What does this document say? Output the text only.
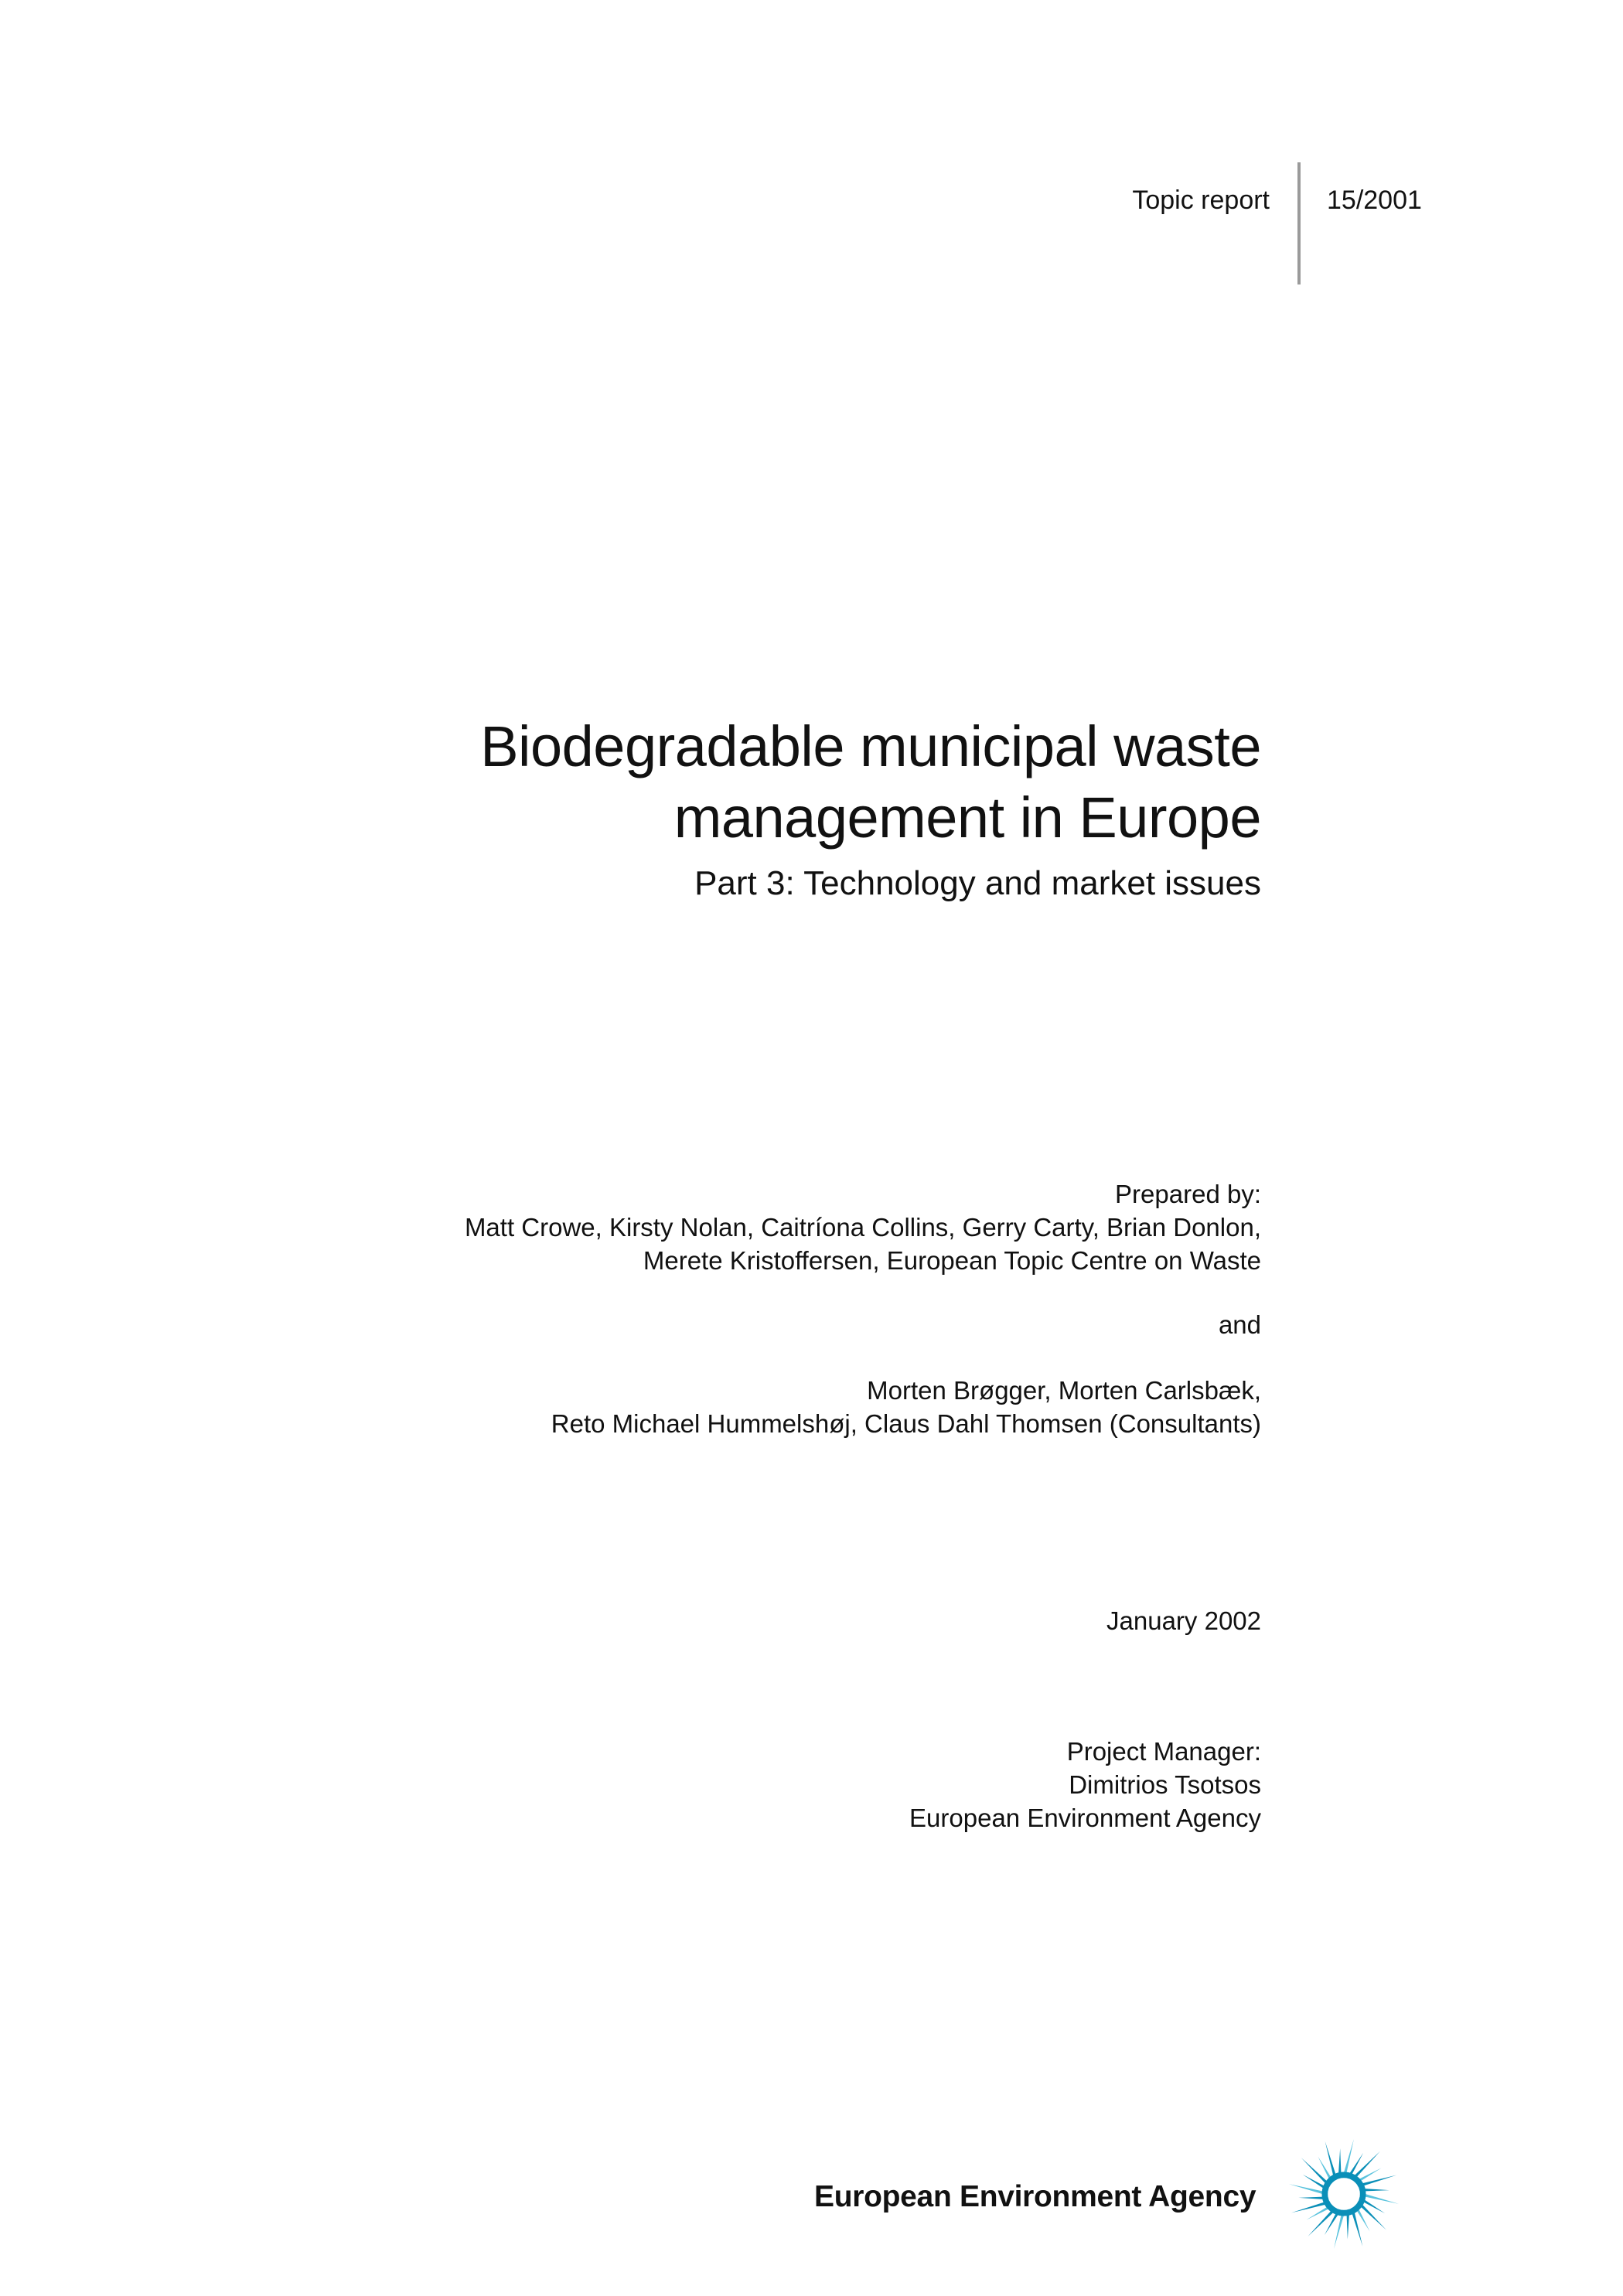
Topic report 15/2001
Biodegradable municipal waste
management in Europe
Part 3: Technology and market issues
Prepared by:
Matt Crowe, Kirsty Nolan, Caitríona Collins, Gerry Carty, Brian Donlon,
Merete Kristoffersen, European Topic Centre on Waste
and
Morten Brøgger, Morten Carlsbæk,
Reto Michael Hummelshøj, Claus Dahl Thomsen (Consultants)
January 2002
Project Manager:
Dimitrios Tsotsos
European Environment Agency
European Environment Agency
